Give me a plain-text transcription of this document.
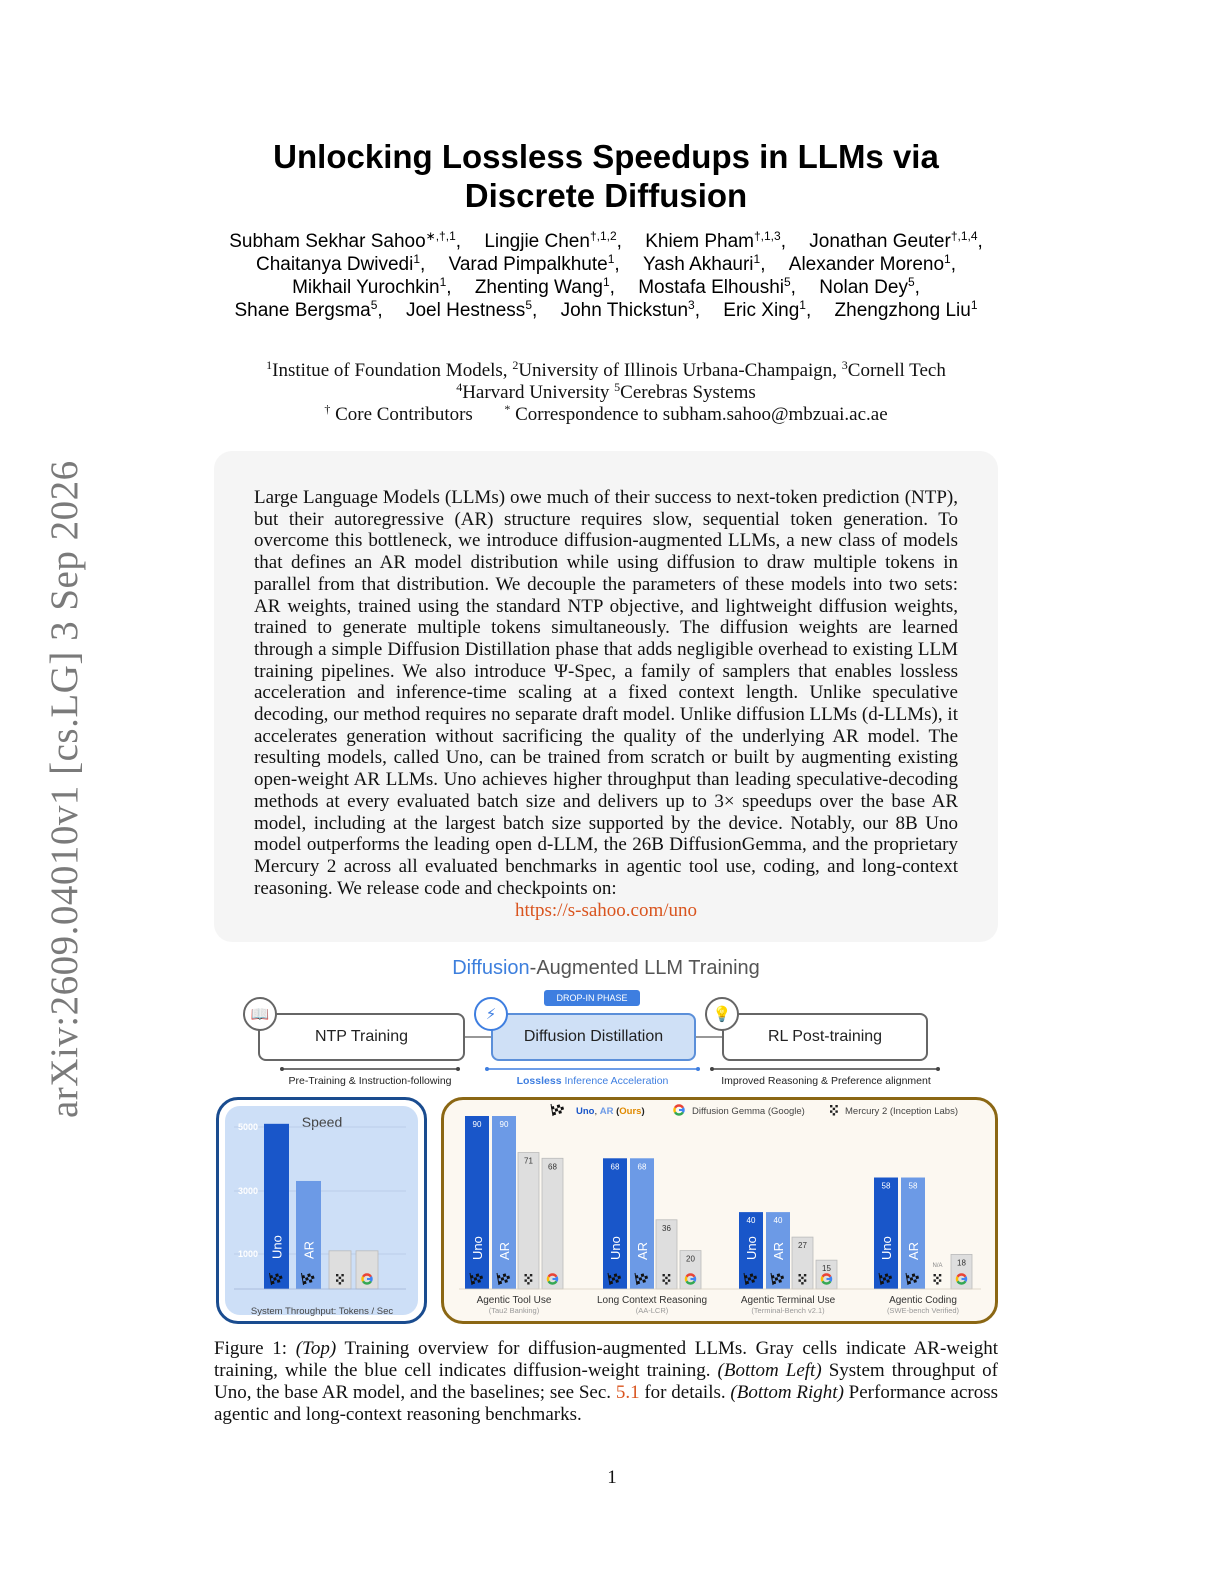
arXiv:2609.04010v1 [cs.LG] 3 Sep 2026
Unlocking Lossless Speedups in LLMs via Discrete Diffusion
Subham Sekhar Sahoo$^{∗,\dagger,1}$, Lingjie Chen$^{\dagger,1,2}$, Khiem Pham$^{\dagger,1,3}$, Jonathan Geuter$^{\dagger,1,4}$, Chaitanya Dwivedi$^1$, Varad Pimpalkhute$^1$, Yash Akhauri$^1$, Alexander Moreno$^1$, Mikhail Yurochkin$^1$, Zhenting Wang$^1$, Mostafa Elhoushi$^5$, Nolan Dey$^5$, Shane Bergsma$^5$, Joel Hestness$^5$, John Thickstun$^3$, Eric Xing$^1$, Zhengzhong Liu$^1$
$^1$Institue of Foundation Models, $^2$University of Illinois Urbana-Champaign, $^3$Cornell Tech
$^4$Harvard University $^5$Cerebras Systems
† Core Contributors	* Correspondence to subham.sahoo@mbzuai.ac.ae

Large Language Models (LLMs) owe much of their success to next-token prediction (NTP), but their autoregressive (AR) structure requires slow, sequential token generation. To overcome this bottleneck, we introduce diffusion-augmented LLMs, a new class of models that defines an AR model distribution while using diffusion to draw multiple tokens in parallel from that distribution. We decouple the parameters of these models into two sets: AR weights, trained using the standard NTP objective, and lightweight diffusion weights, trained to generate multiple tokens simultaneously. The diffusion weights are learned through a simple Diffusion Distillation phase that adds negligible overhead to existing LLM training pipelines. We also introduce Ψ-Spec, a family of samplers that enables lossless acceleration and inference-time scaling at a fixed context length. Unlike speculative decoding, our method requires no separate draft model. Unlike diffusion LLMs (d-LLMs), it accelerates generation without sacrificing the quality of the underlying AR model. The resulting models, called Uno, can be trained from scratch or built by augmenting existing open-weight AR LLMs. Uno achieves higher throughput than leading speculative-decoding methods at every evaluated batch size and delivers up to 3× speedups over the base AR model, including at the largest batch size supported by the device. Notably, our 8B Uno model outperforms the leading open d-LLM, the 26B DiffusionGemma, and the proprietary Mercury 2 across all evaluated benchmarks in agentic tool use, coding, and long-context reasoning. We release code and checkpoints on:

https://s-sahoo.com/uno
Diffusion-Augmented LLM Training
DROP-IN PHASE
NTP Training	Diffusion Distillation	RL Post-training
📖	⚡	💡
Pre-Training & Instruction-following	Lossless Inference Acceleration	Improved Reasoning & Preference alignment
Speed
5000
3000
1000 Uno AR
System Throughput: Tokens / Sec
Uno, AR (Ours)	Diffusion Gemma (Google)	Mercury 2 (Inception Labs)
90
Uno
90
AR
71
68
Agentic Tool Use
(Tau2 Banking)
68
Uno
68
AR
36
20
Long Context Reasoning
(AA-LCR)
40
Uno
40
AR 27
15
Agentic Terminal Use
(Terminal-Bench v2.1)
58
Uno
58
AR
N/A 18
Agentic Coding
(SWE-bench Verified)

Figure 1: (Top) Training overview for diffusion-augmented LLMs. Gray cells indicate AR-weight training, while the blue cell indicates diffusion-weight training. (Bottom Left) System throughput of Uno, the base AR model, and the baselines; see Sec. 5.1 for details. (Bottom Right) Performance across agentic and long-context reasoning benchmarks.

1
